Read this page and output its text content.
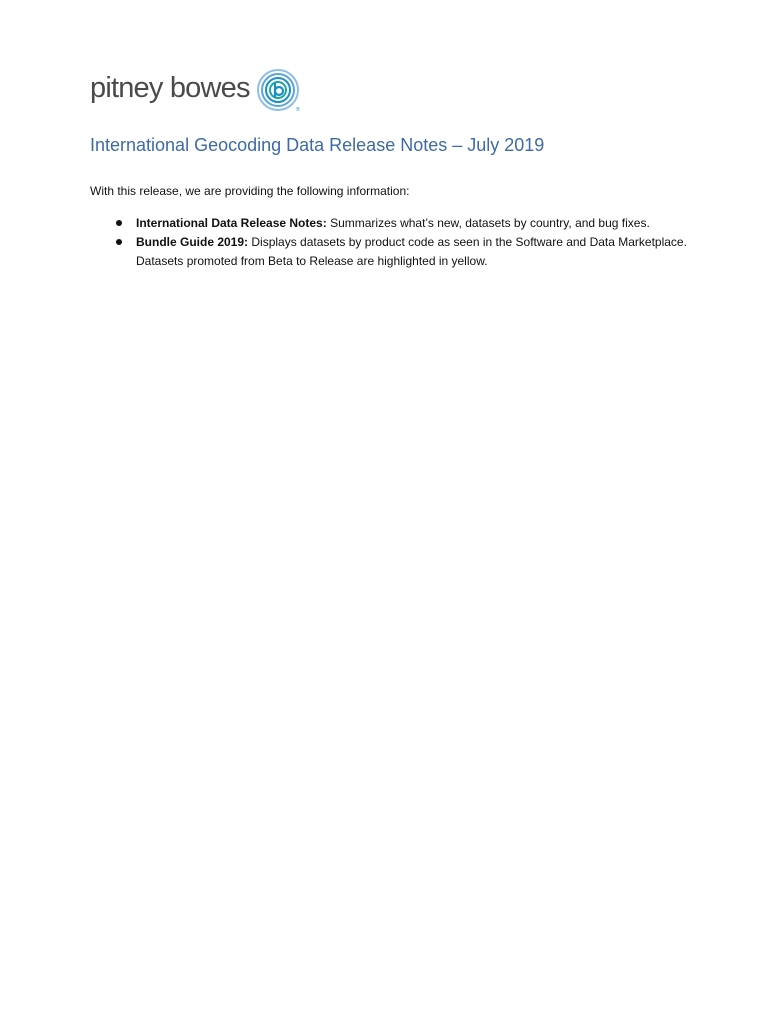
pitney bowes
®
International Geocoding Data Release Notes – July 2019

With this release, we are providing the following information:

International Data Release Notes: Summarizes what’s new, datasets by country, and bug fixes.
Bundle Guide 2019: Displays datasets by product code as seen in the Software and Data Marketplace. Datasets promoted from Beta to Release are highlighted in yellow.
